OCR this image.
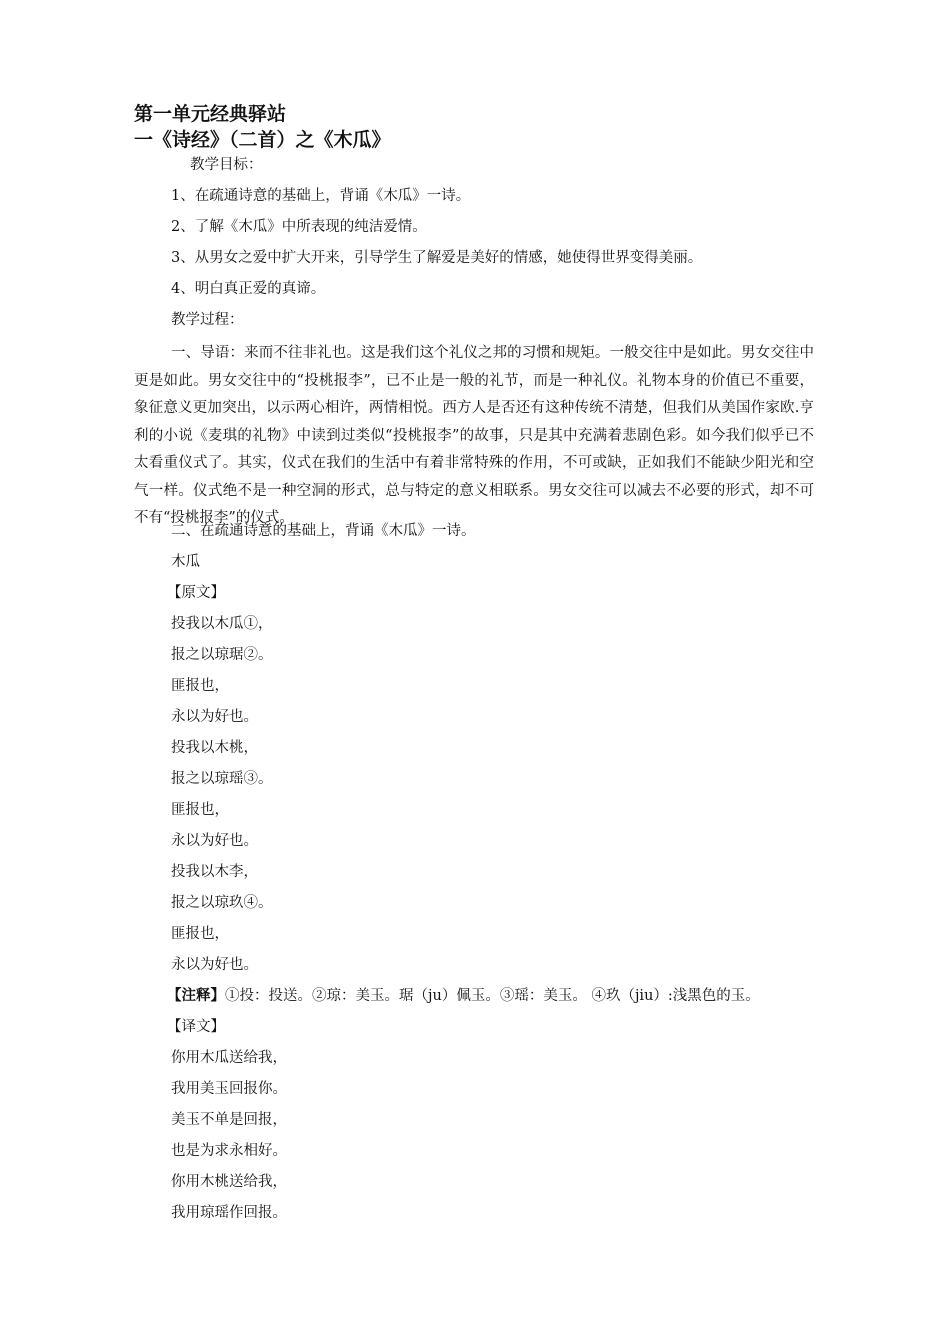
第一单元经典驿站
一《诗经》（二首）之《木瓜》
教学目标：
1、在疏通诗意的基础上，背诵《木瓜》一诗。
2、了解《木瓜》中所表现的纯洁爱情。
3、从男女之爱中扩大开来，引导学生了解爱是美好的情感，她使得世界变得美丽。
4、明白真正爱的真谛。
教学过程：

一、导语：来而不往非礼也。这是我们这个礼仪之邦的习惯和规矩。一般交往中是如此。男女交往中更是如此。男女交往中的“投桃报李”，已不止是一般的礼节，而是一种礼仪。礼物本身的价值已不重要，象征意义更加突出，以示两心相许，两情相悦。西方人是否还有这种传统不清楚，但我们从美国作家欧.亨利的小说《麦琪的礼物》中读到过类似“投桃报李”的故事，只是其中充满着悲剧色彩。如今我们似乎已不太看重仪式了。其实，仪式在我们的生活中有着非常特殊的作用，不可或缺，正如我们不能缺少阳光和空气一样。仪式绝不是一种空洞的形式，总与特定的意义相联系。男女交往可以减去不必要的形式，却不可不有“投桃报李”的仪式。

二、在疏通诗意的基础上，背诵《木瓜》一诗。
木瓜
【原文】
投我以木瓜①，
报之以琼琚②。
匪报也，
永以为好也。
投我以木桃，
报之以琼瑶③。
匪报也，
永以为好也。
投我以木李，
报之以琼玖④。
匪报也，
永以为好也。
【注释】①投：投送。②琼：美玉。琚（ju）佩玉。③瑶：美玉。 ④玖（jiu）:浅黑色的玉。
【译文】
你用木瓜送给我，
我用美玉回报你。
美玉不单是回报，
也是为求永相好。
你用木桃送给我，
我用琼瑶作回报。
